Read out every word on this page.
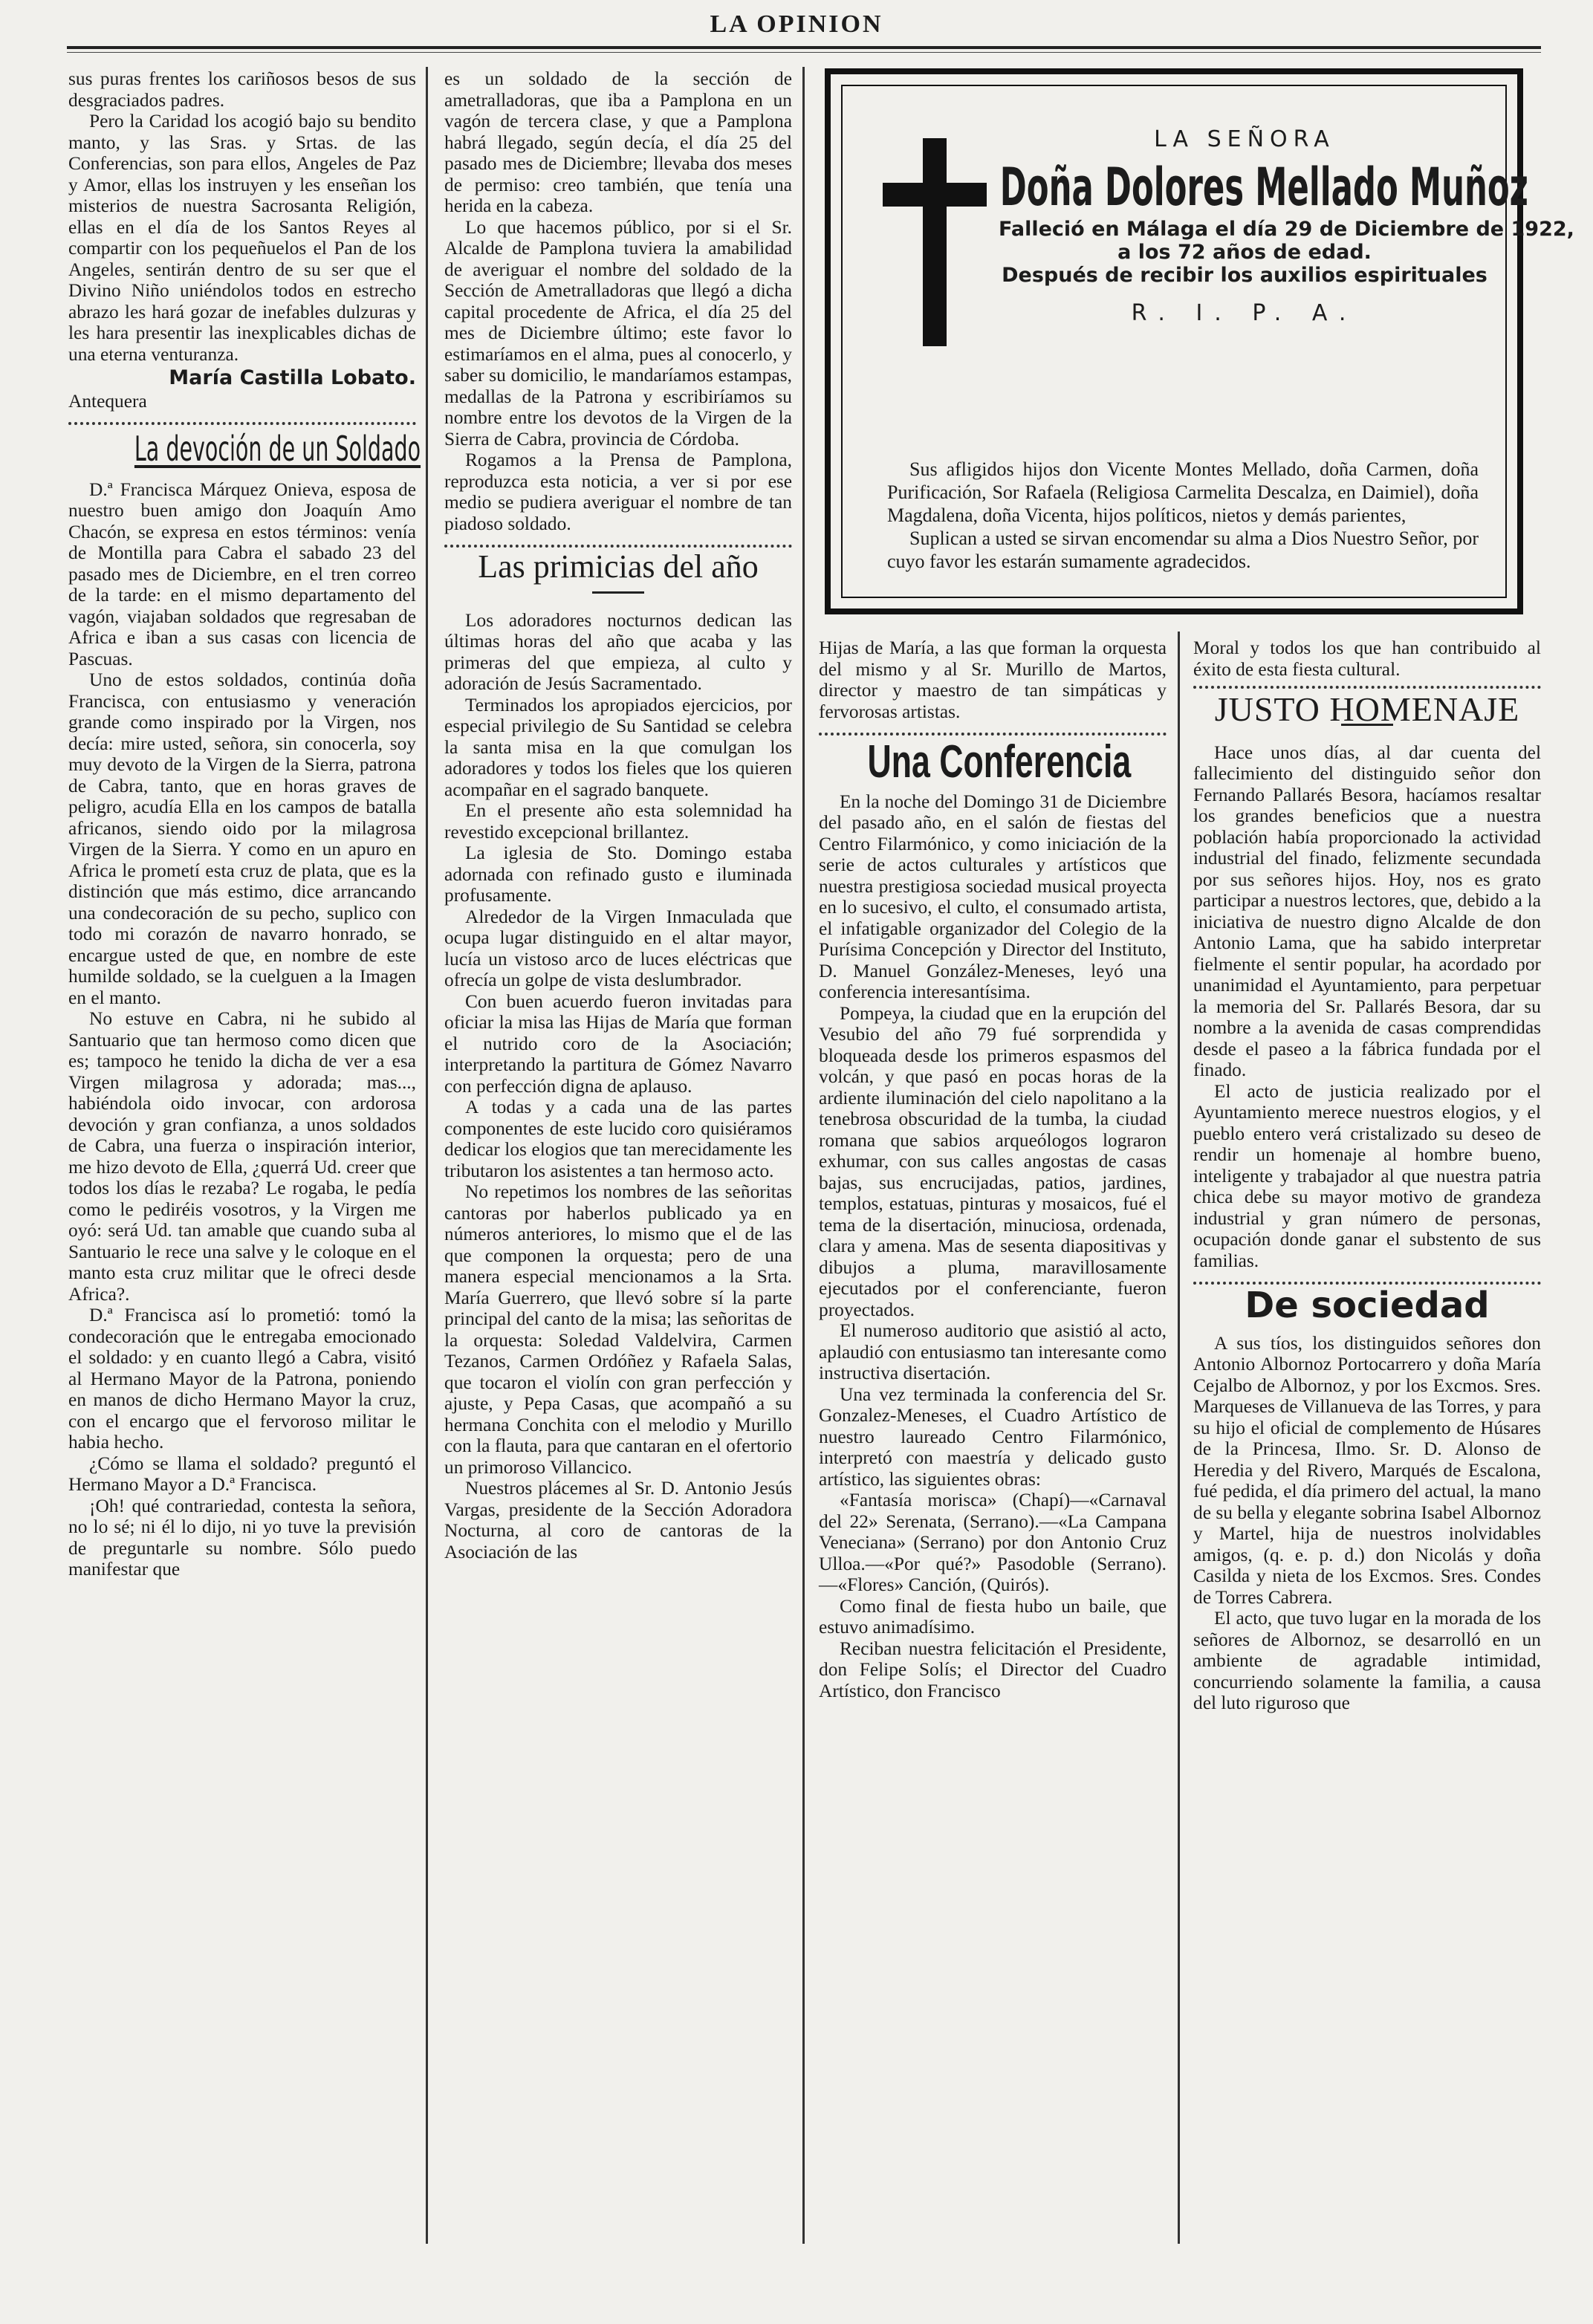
LA OPINION

sus puras frentes los cariñosos besos de sus desgraciados padres.

Pero la Caridad los acogió bajo su bendito manto, y las Sras. y Srtas. de las Conferencias, son para ellos, Angeles de Paz y Amor, ellas los instruyen y les enseñan los misterios de nuestra Sacrosanta Religión, ellas en el día de los Santos Reyes al compartir con los pequeñuelos el Pan de los Angeles, sentirán dentro de su ser que el Divino Niño uniéndolos todos en estrecho abrazo les hará gozar de inefables dulzuras y les hara presentir las inexplicables dichas de una eterna venturanza.

María Castilla Lobato.
Antequera
La devoción de un Soldado

D.ª Francisca Márquez Onieva, esposa de nuestro buen amigo don Joaquín Amo Chacón, se expresa en estos términos: venía de Montilla para Cabra el sabado 23 del pasado mes de Diciembre, en el tren correo de la tarde: en el mismo departamento del vagón, viajaban soldados que regresaban de Africa e iban a sus casas con licencia de Pascuas.

Uno de estos soldados, continúa doña Francisca, con entusiasmo y veneración grande como inspirado por la Virgen, nos decía: mire usted, señora, sin conocerla, soy muy devoto de la Virgen de la Sierra, patrona de Cabra, tanto, que en horas graves de peligro, acudía Ella en los campos de batalla africanos, siendo oido por la milagrosa Virgen de la Sierra. Y como en un apuro en Africa le prometí esta cruz de plata, que es la distinción que más estimo, dice arrancando una condecoración de su pecho, suplico con todo mi corazón de navarro honrado, se encargue usted de que, en nombre de este humilde soldado, se la cuelguen a la Imagen en el manto.

No estuve en Cabra, ni he subido al Santuario que tan hermoso como dicen que es; tampoco he tenido la dicha de ver a esa Virgen milagrosa y adorada; mas..., habiéndola oido invocar, con ardorosa devoción y gran confianza, a unos soldados de Cabra, una fuerza o inspiración interior, me hizo devoto de Ella, ¿querrá Ud. creer que todos los días le rezaba? Le rogaba, le pedía como le pediréis vosotros, y la Virgen me oyó: será Ud. tan amable que cuando suba al Santuario le rece una salve y le coloque en el manto esta cruz militar que le ofreci desde Africa?.

D.ª Francisca así lo prometió: tomó la condecoración que le entregaba emocionado el soldado: y en cuanto llegó a Cabra, visitó al Hermano Mayor de la Patrona, poniendo en manos de dicho Hermano Mayor la cruz, con el encargo que el fervoroso militar le habia hecho.

¿Cómo se llama el soldado? preguntó el Hermano Mayor a D.ª Francisca.

¡Oh! qué contrariedad, contesta la señora, no lo sé; ni él lo dijo, ni yo tuve la previsión de preguntarle su nombre. Sólo puedo manifestar que

es un soldado de la sección de ametralladoras, que iba a Pamplona en un vagón de tercera clase, y que a Pamplona habrá llegado, según decía, el día 25 del pasado mes de Diciembre; llevaba dos meses de permiso: creo también, que tenía una herida en la cabeza.

Lo que hacemos público, por si el Sr. Alcalde de Pamplona tuviera la amabilidad de averiguar el nombre del soldado de la Sección de Ametralladoras que llegó a dicha capital procedente de Africa, el día 25 del mes de Diciembre último; este favor lo estimaríamos en el alma, pues al conocerlo, y saber su domicilio, le mandaríamos estampas, medallas de la Patrona y escribiríamos su nombre entre los devotos de la Virgen de la Sierra de Cabra, provincia de Córdoba.

Rogamos a la Prensa de Pamplona, reproduzca esta noticia, a ver si por ese medio se pudiera averiguar el nombre de tan piadoso soldado.

Las primicias del año

Los adoradores nocturnos dedican las últimas horas del año que acaba y las primeras del que empieza, al culto y adoración de Jesús Sacramentado.

Terminados los apropiados ejercicios, por especial privilegio de Su Santidad se celebra la santa misa en la que comulgan los adoradores y todos los fieles que los quieren acompañar en el sagrado banquete.

En el presente año esta solemnidad ha revestido excepcional brillantez.

La iglesia de Sto. Domingo estaba adornada con refinado gusto e iluminada profusamente.

Alrededor de la Virgen Inmaculada que ocupa lugar distinguido en el altar mayor, lucía un vistoso arco de luces eléctricas que ofrecía un golpe de vista deslumbrador.

Con buen acuerdo fueron invitadas para oficiar la misa las Hijas de María que forman el nutrido coro de la Asociación; interpretando la partitura de Gómez Navarro con perfección digna de aplauso.

A todas y a cada una de las partes componentes de este lucido coro quisiéramos dedicar los elogios que tan merecidamente les tributaron los asistentes a tan hermoso acto.

No repetimos los nombres de las señoritas cantoras por haberlos publicado ya en números anteriores, lo mismo que el de las que componen la orquesta; pero de una manera especial mencionamos a la Srta. María Guerrero, que llevó sobre sí la parte principal del canto de la misa; las señoritas de la orquesta: Soledad Valdelvira, Carmen Tezanos, Carmen Ordóñez y Rafaela Salas, que tocaron el violín con gran perfección y ajuste, y Pepa Casas, que acompañó a su hermana Conchita con el melodio y Murillo con la flauta, para que cantaran en el ofertorio un primoroso Villancico.

Nuestros plácemes al Sr. D. Antonio Jesús Vargas, presidente de la Sección Adoradora Nocturna, al coro de cantoras de la Asociación de las

LA SEÑORA
Doña Dolores Mellado Muñoz
Falleció en Málaga el día 29 de Diciembre de 1922,
a los 72 años de edad.
Después de recibir los auxilios espirituales
R. I. P. A.

Sus afligidos hijos don Vicente Montes Mellado, doña Carmen, doña Purificación, Sor Rafaela (Religiosa Carmelita Descalza, en Daimiel), doña Magdalena, doña Vicenta, hijos políticos, nietos y demás parientes,

Suplican a usted se sirvan encomendar su alma a Dios Nuestro Señor, por cuyo favor les estarán sumamente agradecidos.

Hijas de María, a las que forman la orquesta del mismo y al Sr. Murillo de Martos, director y maestro de tan simpáticas y fervorosas artistas.

Una Conferencia

En la noche del Domingo 31 de Diciembre del pasado año, en el salón de fiestas del Centro Filarmónico, y como iniciación de la serie de actos culturales y artísticos que nuestra prestigiosa sociedad musical proyecta en lo sucesivo, el culto, el consumado artista, el infatigable organizador del Colegio de la Purísima Concepción y Director del Instituto, D. Manuel González-Meneses, leyó una conferencia interesantísima.

Pompeya, la ciudad que en la erupción del Vesubio del año 79 fué sorprendida y bloqueada desde los primeros espasmos del volcán, y que pasó en pocas horas de la ardiente iluminación del cielo napolitano a la tenebrosa obscuridad de la tumba, la ciudad romana que sabios arqueólogos lograron exhumar, con sus calles angostas de casas bajas, sus encrucijadas, patios, jardines, templos, estatuas, pinturas y mosaicos, fué el tema de la disertación, minuciosa, ordenada, clara y amena. Mas de sesenta diapositivas y dibujos a pluma, maravillosamente ejecutados por el conferenciante, fueron proyectados.

El numeroso auditorio que asistió al acto, aplaudió con entusiasmo tan interesante como instructiva disertación.

Una vez terminada la conferencia del Sr. Gonzalez-Meneses, el Cuadro Artístico de nuestro laureado Centro Filarmónico, interpretó con maestría y delicado gusto artístico, las siguientes obras:

«Fantasía morisca» (Chapí)—«Carnaval del 22» Serenata, (Serrano).—«La Campana Veneciana» (Serrano) por don Antonio Cruz Ulloa.—«Por qué?» Pasodoble (Serrano).—«Flores» Canción, (Quirós).

Como final de fiesta hubo un baile, que estuvo animadísimo.

Reciban nuestra felicitación el Presidente, don Felipe Solís; el Director del Cuadro Artístico, don Francisco

Moral y todos los que han contribuido al éxito de esta fiesta cultural.

JUSTO HOMENAJE

Hace unos días, al dar cuenta del fallecimiento del distinguido señor don Fernando Pallarés Besora, hacíamos resaltar los grandes beneficios que a nuestra población había proporcionado la actividad industrial del finado, felizmente secundada por sus señores hijos. Hoy, nos es grato participar a nuestros lectores, que, debido a la iniciativa de nuestro digno Alcalde de don Antonio Lama, que ha sabido interpretar fielmente el sentir popular, ha acordado por unanimidad el Ayuntamiento, para perpetuar la memoria del Sr. Pallarés Besora, dar su nombre a la avenida de casas comprendidas desde el paseo a la fábrica fundada por el finado.

El acto de justicia realizado por el Ayuntamiento merece nuestros elogios, y el pueblo entero verá cristalizado su deseo de rendir un homenaje al hombre bueno, inteligente y trabajador al que nuestra patria chica debe su mayor motivo de grandeza industrial y gran número de personas, ocupación donde ganar el substento de sus familias.

De sociedad

A sus tíos, los distinguidos señores don Antonio Albornoz Portocarrero y doña María Cejalbo de Albornoz, y por los Excmos. Sres. Marqueses de Villanueva de las Torres, y para su hijo el oficial de complemento de Húsares de la Princesa, Ilmo. Sr. D. Alonso de Heredia y del Rivero, Marqués de Escalona, fué pedida, el día primero del actual, la mano de su bella y elegante sobrina Isabel Albornoz y Martel, hija de nuestros inolvidables amigos, (q. e. p. d.) don Nicolás y doña Casilda y nieta de los Excmos. Sres. Condes de Torres Cabrera.

El acto, que tuvo lugar en la morada de los señores de Albornoz, se desarrolló en un ambiente de agradable intimidad, concurriendo solamente la familia, a causa del luto riguroso que
